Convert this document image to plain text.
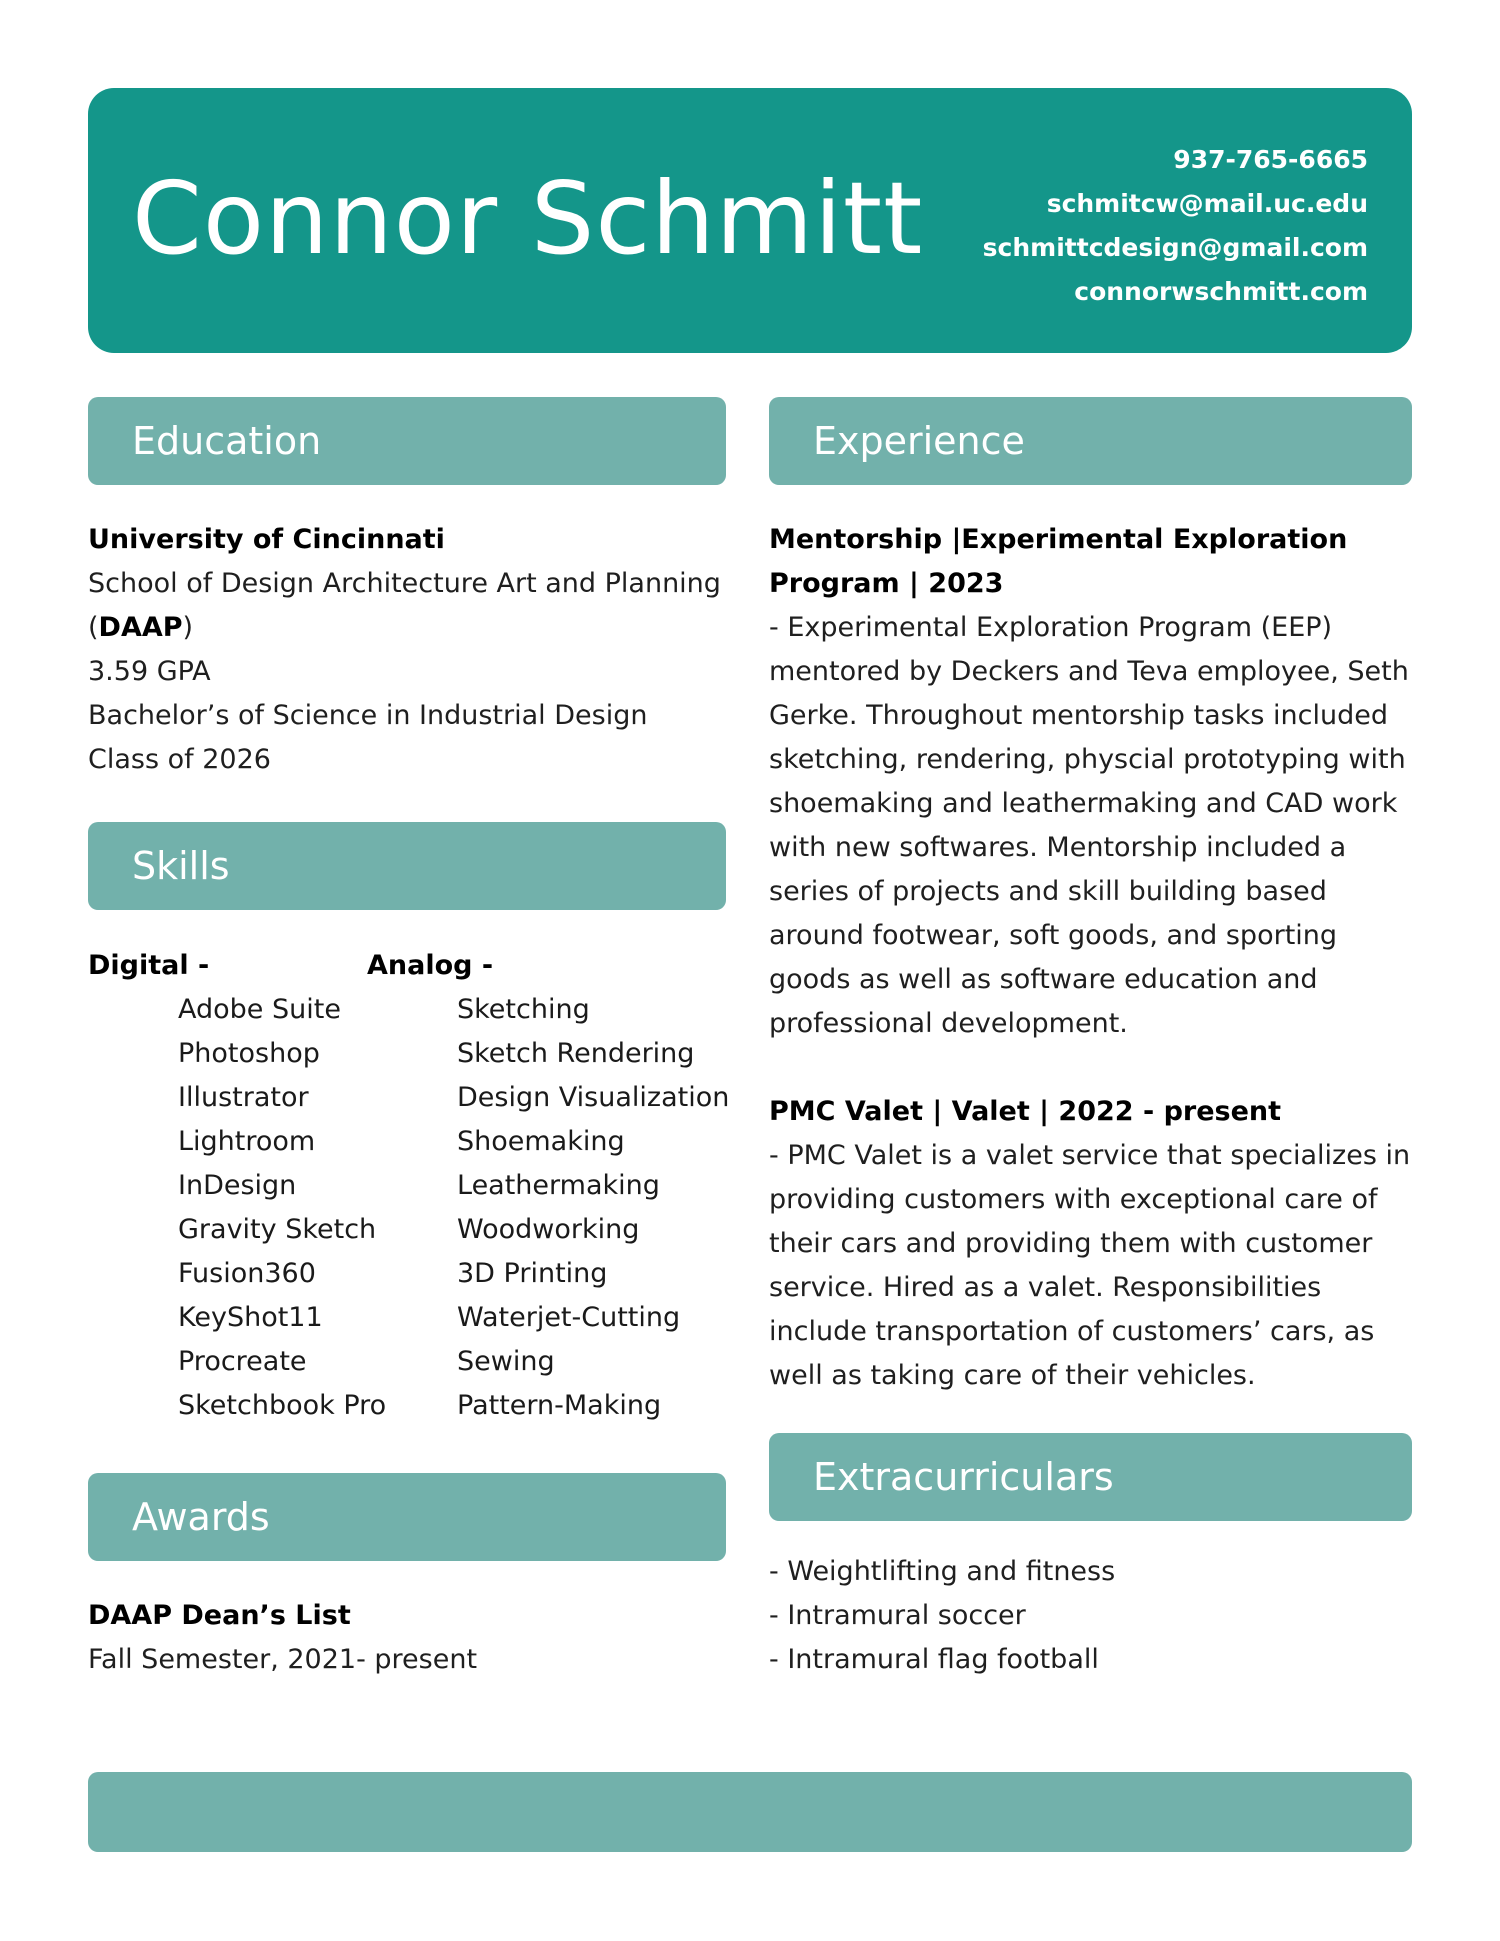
Connor Schmitt
937-765-6665
schmitcw@mail.uc.edu
schmittcdesign@gmail.com
connorwschmitt.com
Education
University of Cincinnati
School of Design Architecture Art and Planning
(DAAP)
3.59 GPA
Bachelor’s of Science in Industrial Design
Class of 2026
Skills
Digital -
Adobe Suite
Photoshop
Illustrator
Lightroom
InDesign
Gravity Sketch
Fusion360
KeyShot11
Procreate
Sketchbook Pro
Analog -
Sketching
Sketch Rendering
Design Visualization
Shoemaking
Leathermaking
Woodworking
3D Printing
Waterjet-Cutting
Sewing
Pattern-Making
Awards
DAAP Dean’s List
Fall Semester, 2021- present
Experience
Mentorship |Experimental Exploration
Program | 2023
- Experimental Exploration Program (EEP) mentored by Deckers and Teva employee, Seth Gerke. Throughout mentorship tasks included sketching, rendering, physcial prototyping with shoemaking and leathermaking and CAD work with new softwares. Mentorship included a series of projects and skill building based around footwear, soft goods, and sporting goods as well as software education and professional development.
PMC Valet | Valet | 2022 - present
- PMC Valet is a valet service that specializes in providing customers with exceptional care of their cars and providing them with customer service. Hired as a valet. Responsibilities include transportation of customers’ cars, as well as taking care of their vehicles.
Extracurriculars
- Weightlifting and fitness
- Intramural soccer
- Intramural flag football
